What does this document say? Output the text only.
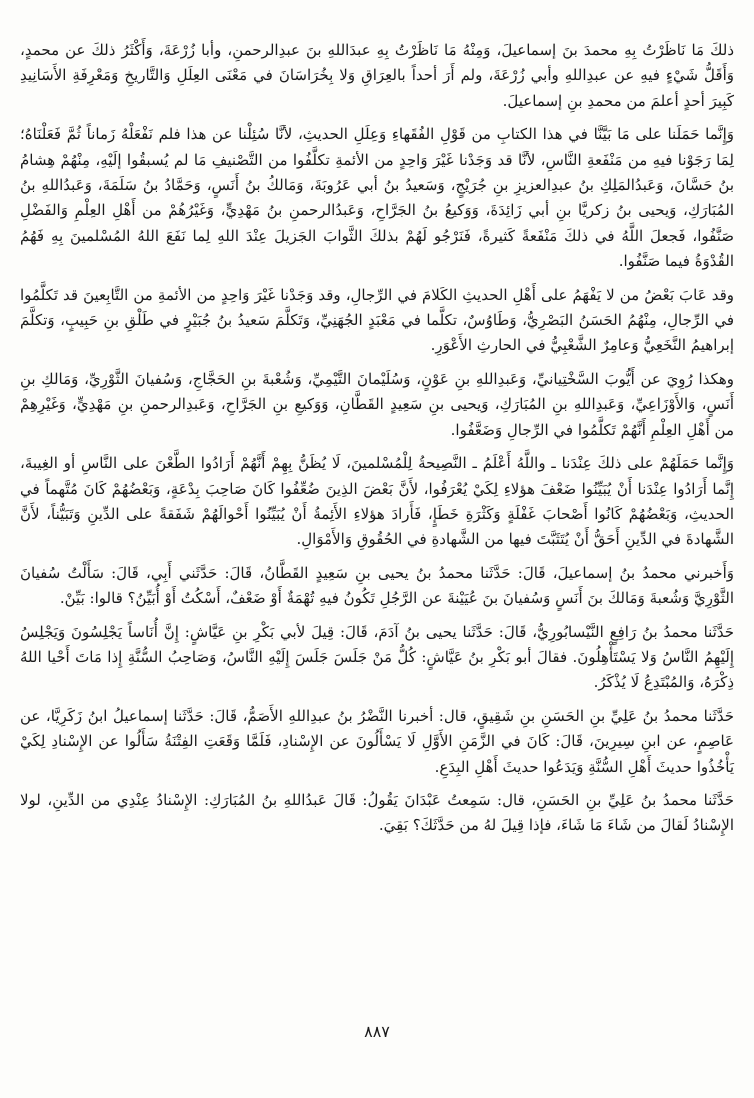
ذلكَ مَا نَاظَرْتُ بِهِ محمدَ بنَ إسماعيلَ، وَمِنْهُ مَا نَاظَرْتُ بِهِ عبدَاللهِ بنَ عبدِالرحمنِ، وأبا زُرْعَةَ، وَأَكْثَرُ ذلكَ عن محمدٍ، وَأَقَلُّ شَيْءٍ فيهِ عن عبدِاللهِ وأبي زُرْعَةَ، ولم أَرَ أحداً بالعِرَاقِ وَلا بِخُرَاسَانَ في مَعْنَى العِلَلِ وَالتَّاريخِ وَمَعْرِفَةِ الأَسَانِيدِ كَبِيرَ أحدٍ أعلمَ من محمدِ بنِ إسماعيلَ.

وَإِنَّما حَمَلَنا على مَا بَيَّنَّا في هذا الكتابِ من قَوْلِ الفُقَهاءِ وَعِلَلِ الحديثِ، لأنَّا سُئِلْنا عن هذا فلم نَفْعَلْهُ زَماناً ثُمَّ فَعَلْنَاهُ؛ لِمَا رَجَوْنا فيهِ من مَنْفَعةِ النَّاسِ، لأنَّا قد وَجَدْنا غَيْرَ وَاحِدٍ من الأئمةِ تكلَّفُوا من التَّصْنيفِ مَا لم يُسبقُوا إلَيْهِ، مِنْهُمْ هِشامُ بنُ حَسَّانَ، وَعَبدُالمَلِكِ بنُ عبدِالعزيزِ بنِ جُرَيْجٍ، وَسَعيدُ بنُ أبي عَرُوبَةَ، وَمَالكُ بنُ أَنَسٍ، وَحَمَّادُ بنُ سَلَمَةَ، وَعَبدُاللهِ بنُ المُبَارَكِ، وَيحيى بنُ زكريَّا بنِ أبي زَائِدَةَ، وَوَكيعُ بنُ الجَرَّاحِ، وَعَبدُالرحمنِ بنُ مَهْدِيٍّ، وَغَيْرُهُمْ من أَهْلِ العِلْمِ وَالفَضْلِ صَنَّفُوا، فَجعلَ اللَّهُ في ذلكَ مَنْفَعةً كَثيرةً، فَنَرْجُو لَهُمْ بذلكَ الثَّوابَ الجَزيلَ عِنْدَ اللهِ لِما نَفَعَ اللهُ المُسْلمينَ بِهِ فَهُمُ القُدْوَةُ فيما صَنَّفُوا.

وقد عَابَ بَعْضُ من لا يَفْهَمُ على أَهْلِ الحديثِ الكَلامَ في الرِّجالِ، وقد وَجَدْنا غَيْرَ وَاحِدٍ من الأئمةِ من التَّابِعينَ قد تَكلَّمُوا في الرِّجالِ، مِنْهُمُ الحَسَنُ البَصْرِيُّ، وَطَاوُسٌ، تكلَّما في مَعْبَدٍ الجُهَنِيِّ، وَتَكلَّمَ سَعيدُ بنُ جُبَيْرٍ في طَلْقِ بنِ حَبِيبٍ، وَتكلَّمَ إبراهيمُ النَّخَعِيُّ وَعامِرٌ الشَّعْبِيُّ في الحارثِ الأَعْوَرِ.

وهكذا رُوِيَ عن أَيُّوبَ السَّخْتِيانيِّ، وَعَبدِاللهِ بنِ عَوْنٍ، وَسُلَيْمانَ التَّيْمِيِّ، وَشُعْبةَ بنِ الحَجَّاجِ، وَسُفيانَ الثَّوْرِيِّ، وَمَالكِ بنِ أَنَسٍ، وَالأَوْزَاعِيِّ، وَعَبدِاللهِ بنِ المُبَارَكِ، وَيحيى بنِ سَعِيدٍ القَطَّانِ، وَوَكيعِ بنِ الجَرَّاحِ، وَعَبدِالرحمنِ بنِ مَهْدِيٍّ، وَغَيْرِهِمْ من أَهْلِ العِلْمِ أَنَّهُمْ تَكلَّمُوا في الرِّجالِ وَضَعَّفُوا.

وَإِنَّما حَمَلَهُمْ على ذلكَ عِنْدَنا ـ واللَّهُ أَعْلَمُ ـ النَّصِيحةُ لِلْمُسْلمينَ، لَا يُظَنُّ بِهِمْ أَنَّهُمْ أَرَادُوا الطَّعْنَ على النَّاسِ أو الغِيبةَ، إِنَّما أَرَادُوا عِنْدَنا أَنْ يُبَيِّنُوا ضَعْفَ هؤلاءِ لِكَيْ يُعْرَفُوا، لأَنَّ بَعْضَ الذِينَ ضُعِّفُوا كَانَ صَاحِبَ بِدْعَةٍ، وَبَعْضُهُمْ كَانَ مُتَّهماً في الحديثِ، وَبَعْضُهُمْ كَانُوا أَصْحابَ غَفْلَةٍ وَكَثْرَةِ خَطَإٍ، فَأَرادَ هؤلاءِ الأَئِمةُ أَنْ يُبَيِّنُوا أَحْوالَهُمْ شَفَقةً على الدِّينِ وَتَبَيُّناً، لأَنَّ الشَّهادةَ في الدِّينِ أَحَقُّ أَنْ يُتَثَبَّتَ فيها من الشَّهادةِ في الحُقُوقِ وَالأَمْوَالِ.

وَأَخبرني محمدُ بنُ إسماعيلَ، قَالَ: حَدَّثَنا محمدُ بنُ يحيى بنِ سَعِيدٍ القَطَّانُ، قَالَ: حَدَّثَني أَبِي، قَالَ: سَأَلْتُ سُفيانَ الثَّوْرِيَّ وَشُعبةَ وَمَالكَ بنَ أَنَسٍ وَسُفيانَ بنَ عُيَيْنةَ عن الرَّجُلِ تَكُونُ فيهِ تُهْمَةٌ أَوْ ضَعْفٌ، أَسْكُتُ أَوْ أُبَيِّنُ؟ قالوا: بَيِّنْ.

حَدَّثَنا محمدُ بنُ رَافِعٍ النَّيْسابُورِيُّ، قَالَ: حَدَّثَنا يحيى بنُ آدَمَ، قَالَ: قِيلَ لأبي بَكْرِ بنِ عَيَّاشٍ: إِنَّ أُنَاساً يَجْلِسُونَ وَيَجْلِسُ إِلَيْهِمُ النَّاسُ وَلا يَسْتَأْهِلُونَ. فقالَ أبو بَكْرِ بنُ عَيَّاشٍ: كُلُّ مَنْ جَلَسَ جَلَسَ إِلَيْهِ النَّاسُ، وَصَاحِبُ السُّنَّةِ إِذا مَاتَ أَحْيا اللهُ ذِكْرَهُ، وَالمُبْتَدِعُ لَا يُذْكَرُ.

حَدَّثَنا محمدُ بنُ عَلِيِّ بنِ الحَسَنِ بنِ شَقِيقٍ، قال: أخبرنا النَّضْرُ بنُ عبدِاللهِ الأَصَمُّ، قَالَ: حَدَّثَنا إسماعيلُ ابنُ زَكَرِيَّا، عن عَاصِمٍ، عن ابنِ سِيرِينَ، قَالَ: كَانَ في الزَّمَنِ الأَوَّلِ لَا يَسْأَلُونَ عن الإِسْنادِ، فَلَمَّا وَقَعَتِ الفِتْنَةُ سَأَلُوا عن الإِسْنادِ لِكَيْ يَأْخُذُوا حديثَ أَهْلِ السُّنَّةِ وَيَدَعُوا حديثَ أَهْلِ البِدَعِ.

حَدَّثَنا محمدُ بنُ عَلِيِّ بنِ الحَسَنِ، قال: سَمِعتُ عَبْدَانَ يَقُولُ: قَالَ عَبدُاللهِ بنُ المُبَارَكِ: الإِسْنادُ عِنْدِي من الدِّينِ، لولا الإِسْنادُ لَقالَ من شَاءَ مَا شَاءَ، فإذا قِيلَ لهُ من حَدَّثَكَ؟ بَقِيَ.

٨٨٧
